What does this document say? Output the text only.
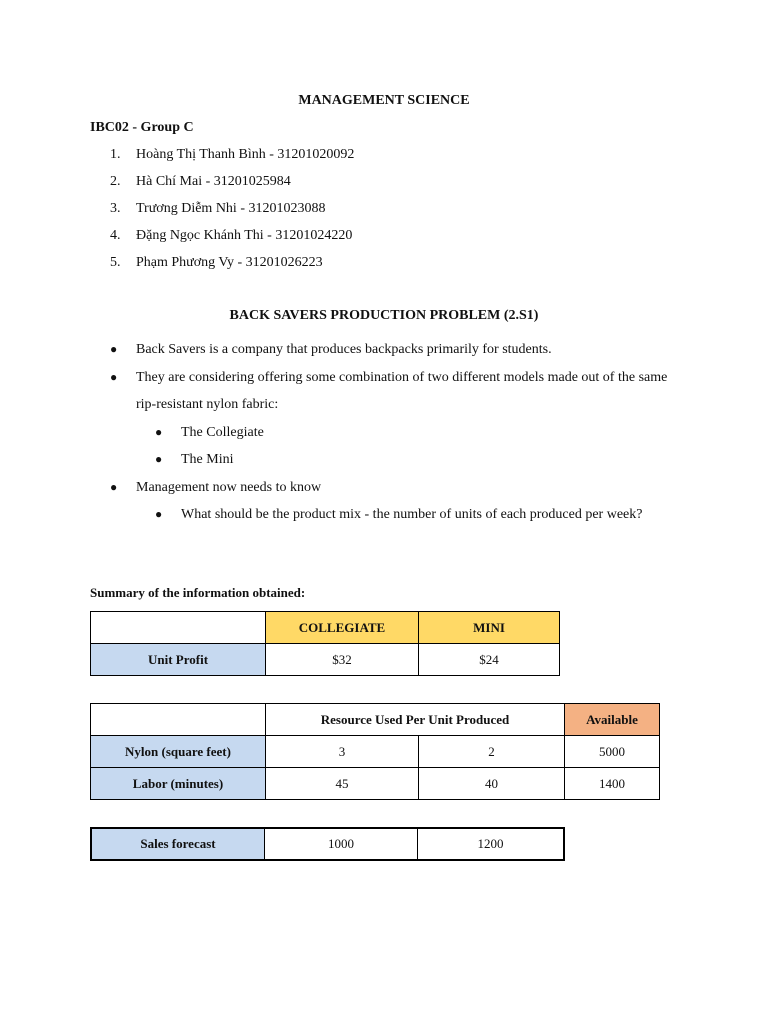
MANAGEMENT SCIENCE
IBC02 - Group C
1.	Hoàng Thị Thanh Bình - 31201020092
2.	Hà Chí Mai - 31201025984
3.	Trương Diễm Nhi - 31201023088
4.	Đặng Ngọc Khánh Thi - 31201024220
5.	Phạm Phương Vy - 31201026223
BACK SAVERS PRODUCTION PROBLEM (2.S1)
●	Back Savers is a company that produces backpacks primarily for students.
●	They are considering offering some combination of two different models made out of the same rip-resistant nylon fabric:
●	The Collegiate
●	The Mini
●	Management now needs to know
●	What should be the product mix - the number of units of each produced per week?
Summary of the information obtained:
	COLLEGIATE	MINI
Unit Profit	$32	$24
	Resource Used Per Unit Produced		Available
Nylon (square feet)	3	2	5000
Labor (minutes)	45	40	1400
Sales forecast	1000	1200
